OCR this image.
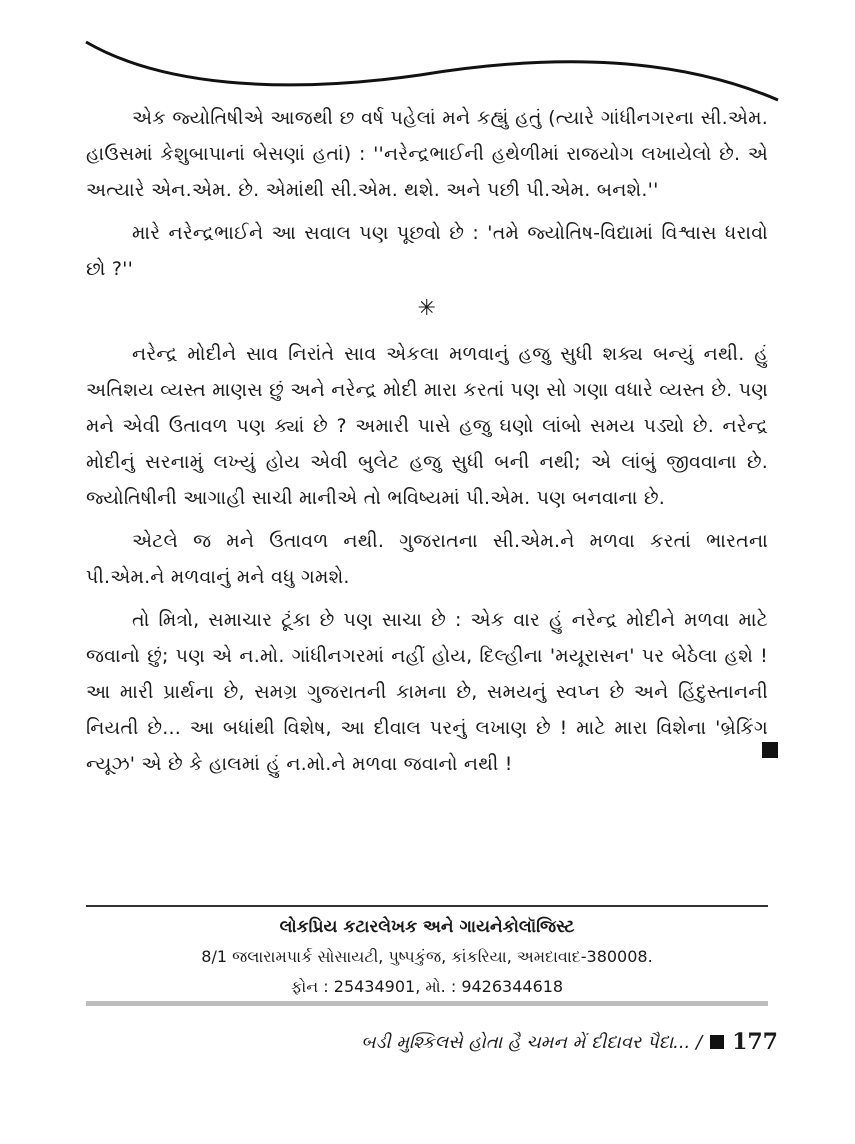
એક જ્યોતિષીએ આજથી છ વર્ષ પહેલાં મને કહ્યું હતું (ત્યારે ગાંધીનગરના સી.એમ. હાઉસમાં કેશુબાપાનાં બેસણાં હતાં) : ''નરેન્દ્રભાઈની હથેળીમાં રાજયોગ લખાયેલો છે. એ અત્યારે એન.એમ. છે. એમાંથી સી.એમ. થશે. અને પછી પી.એમ. બનશે.''

મારે નરેન્દ્રભાઈને આ સવાલ પણ પૂછવો છે : 'તમે જ્યોતિષ-વિદ્યામાં વિશ્વાસ ધરાવો છો ?''

✳

નરેન્દ્ર મોદીને સાવ નિરાંતે સાવ એકલા મળવાનું હજુ સુધી શક્ય બન્યું નથી. હું અતિશય વ્યસ્ત માણસ છું અને નરેન્દ્ર મોદી મારા કરતાં પણ સો ગણા વધારે વ્યસ્ત છે. પણ મને એવી ઉતાવળ પણ ક્યાં છે ? અમારી પાસે હજુ ઘણો લાંબો સમય પડ્યો છે. નરેન્દ્ર મોદીનું સરનામું લખ્યું હોય એવી બુલેટ હજુ સુધી બની નથી; એ લાંબું જીવવાના છે. જ્યોતિષીની આગાહી સાચી માનીએ તો ભવિષ્યમાં પી.એમ. પણ બનવાના છે.

એટલે જ મને ઉતાવળ નથી. ગુજરાતના સી.એમ.ને મળવા કરતાં ભારતના પી.એમ.ને મળવાનું મને વધુ ગમશે.

તો મિત્રો, સમાચાર ટૂંકા છે પણ સાચા છે : એક વાર હું નરેન્દ્ર મોદીને મળવા માટે જવાનો છું; પણ એ ન.મો. ગાંધીનગરમાં નહીં હોય, દિલ્હીના 'મયૂરાસન' પર બેઠેલા હશે ! આ મારી પ્રાર્થના છે, સમગ્ર ગુજરાતની કામના છે, સમયનું સ્વપ્ન છે અને હિંદુસ્તાનની નિયતી છે... આ બધાંથી વિશેષ, આ દીવાલ પરનું લખાણ છે ! માટે મારા વિશેના 'બ્રેકિંગ ન્યૂઝ' એ છે કે હાલમાં હું ન.મો.ને મળવા જવાનો નથી !

લોકપ્રિય કટારલેખક અને ગાયનેકોલૉજિસ્ટ
8/1 જલારામપાર્ક સોસાયટી, પુષ્પકુંજ, કાંકરિયા, અમદાવાદ-380008.
ફોન : 25434901, મો. : 9426344618
બડી મુશ્કિલસે હોતા હૈ ચમન મેં દીદાવર પૈદા... / 177
